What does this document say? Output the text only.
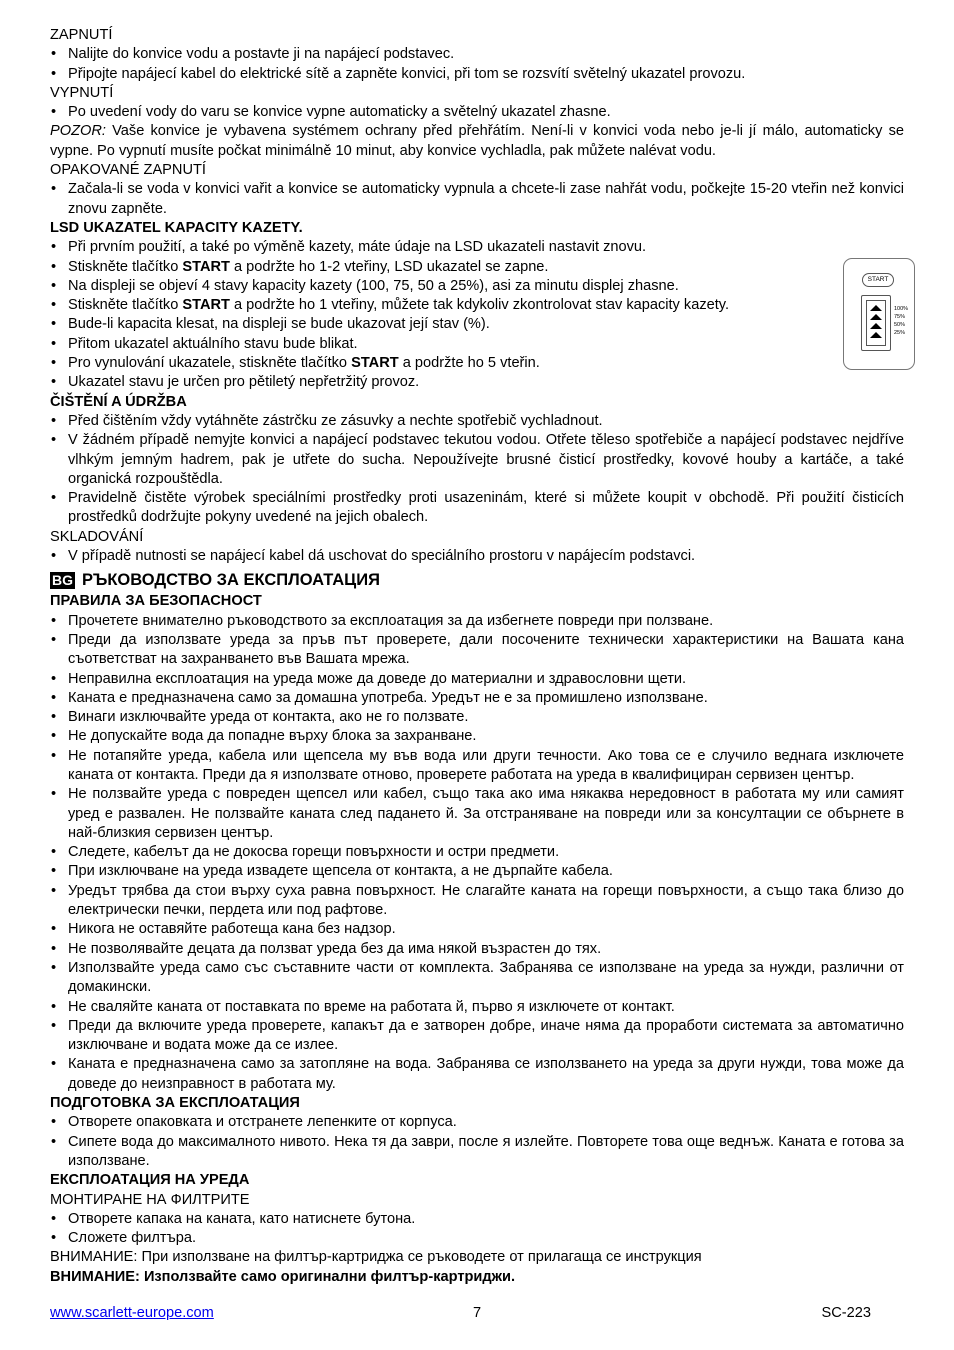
ZAPNUTÍ

• Nalijte do konvice vodu a postavte ji na napájecí podstavec.
• Připojte napájecí kabel do elektrické sítě a zapněte konvici, při tom se rozsvítí světelný ukazatel provozu.

VYPNUTÍ

• Po uvedení vody do varu se konvice vypne automaticky a světelný ukazatel zhasne.

POZOR: Vaše konvice je vybavena systémem ochrany před přehřátím. Není-li v konvici voda nebo je-li jí málo, automaticky se vypne. Po vypnutí musíte počkat minimálně 10 minut, aby konvice vychladla, pak můžete nalévat vodu.

OPAKOVANÉ ZAPNUTÍ

• Začala-li se voda v konvici vařit a konvice se automaticky vypnula a chcete-li zase nahřát vodu, počkejte 15-20 vteřin než konvici znovu zapněte.

LSD UKAZATEL KAPACITY KAZETY.

• Při prvním použití, a také po výměně kazety, máte údaje na LSD ukazateli nastavit znovu.
• Stiskněte tlačítko START a podržte ho 1-2 vteřiny, LSD ukazatel se zapne.
• Na displeji se objeví 4 stavy kapacity kazety (100, 75, 50 a 25%), asi za minutu displej zhasne.
• Stiskněte tlačítko START a podržte ho 1 vteřiny, můžete tak kdykoliv zkontrolovat stav kapacity kazety.
• Bude-li kapacita klesat, na displeji se bude ukazovat její stav (%).
• Přitom ukazatel aktuálního stavu bude blikat.
• Pro vynulování ukazatele, stiskněte tlačítko START a podržte ho 5 vteřin.
• Ukazatel stavu je určen pro pětiletý nepřetržitý provoz.

ČIŠTĚNÍ A ÚDRŽBA

• Před čištěním vždy vytáhněte zástrčku ze zásuvky a nechte spotřebič vychladnout.
• V žádném případě nemyjte konvici a napájecí podstavec tekutou vodou. Otřete těleso spotřebiče a napájecí podstavec nejdříve vlhkým jemným hadrem, pak je utřete do sucha. Nepoužívejte brusné čisticí prostředky, kovové houby a kartáče, a také organická rozpouštědla.
• Pravidelně čistěte výrobek speciálními prostředky proti usazeninám, které si můžete koupit v obchodě. Při použití čisticích prostředků dodržujte pokyny uvedené na jejich obalech.

SKLADOVÁNÍ

• V případě nutnosti se napájecí kabel dá uschovat do speciálního prostoru v napájecím podstavci.
BG РЪКОВОДСТВО ЗА ЕКСПЛОАТАЦИЯ

ПРАВИЛА ЗА БЕЗОПАСНОСТ

• Прочетете внимателно ръководството за експлоатация за да избегнете повреди при ползване.
• Преди да използвате уреда за пръв път проверете, дали посочените технически характеристики на Вашата кана съответстват на захранването във Вашата мрежа.
• Неправилна експлоатация на уреда може да доведе до материални и здравословни щети.
• Каната е предназначена само за домашна употреба. Уредът не е за промишлено използване.
• Винаги изключвайте уреда от контакта, ако не го ползвате.
• Не допускайте вода да попадне върху блока за захранване.
• Не потапяйте уреда, кабела или щепсела му във вода или други течности. Ако това се е случило веднага изключете каната от контакта. Преди да я използвате отново, проверете работата на уреда в квалифициран сервизен център.
• Не ползвайте уреда с повреден щепсел или кабел, също така ако има някаква нередовност в работата му или самият уред е развален. Не ползвайте каната след падането й. За отстраняване на повреди или за консултации се обърнете в най-близкия сервизен център.
• Следете, кабелът да не докосва горещи повърхности и остри предмети.
• При изключване на уреда извадете щепсела от контакта, а не дърпайте кабела.
• Уредът трябва да стои върху суха равна повърхност. Не слагайте каната на горещи повърхности, а също така близо до електрически печки, пердета или под рафтове.
• Никога не оставяйте работеща кана без надзор.
• Не позволявайте децата да ползват уреда без да има някой възрастен до тях.
• Използвайте уреда само със съставните части от комплекта. Забранява се използване на уреда за нужди, различни от домакински.
• Не сваляйте каната от поставката по време на работата й, първо я изключете от контакт.
• Преди да включите уреда проверете, капакът да е затворен добре, иначе няма да проработи системата за автоматично изключване и водата може да се излее.
• Каната е предназначена само за затопляне на вода. Забранява се използването на уреда за други нужди, това може да доведе до неизправност в работата му.

ПОДГОТОВКА ЗА ЕКСПЛОАТАЦИЯ

• Отворете опаковката и отстранете лепенките от корпуса.
• Сипете вода до максималното нивото. Нека тя да заври, после я излейте. Повторете това още веднъж. Каната е готова за използване.

ЕКСПЛОАТАЦИЯ НА УРЕДА

МОНТИРАНЕ НА ФИЛТРИТЕ

• Отворете капака на каната, като натиснете бутона.
• Сложете филтъра.

ВНИМАНИЕ: При използване на филтър-картриджа се ръководете от прилагаща се инструкция

ВНИМАНИЕ: Използвайте само оригинални филтър-картриджи.

START
100%
75%
50%
25%
www.scarlett-europe.com	7	SC-223
